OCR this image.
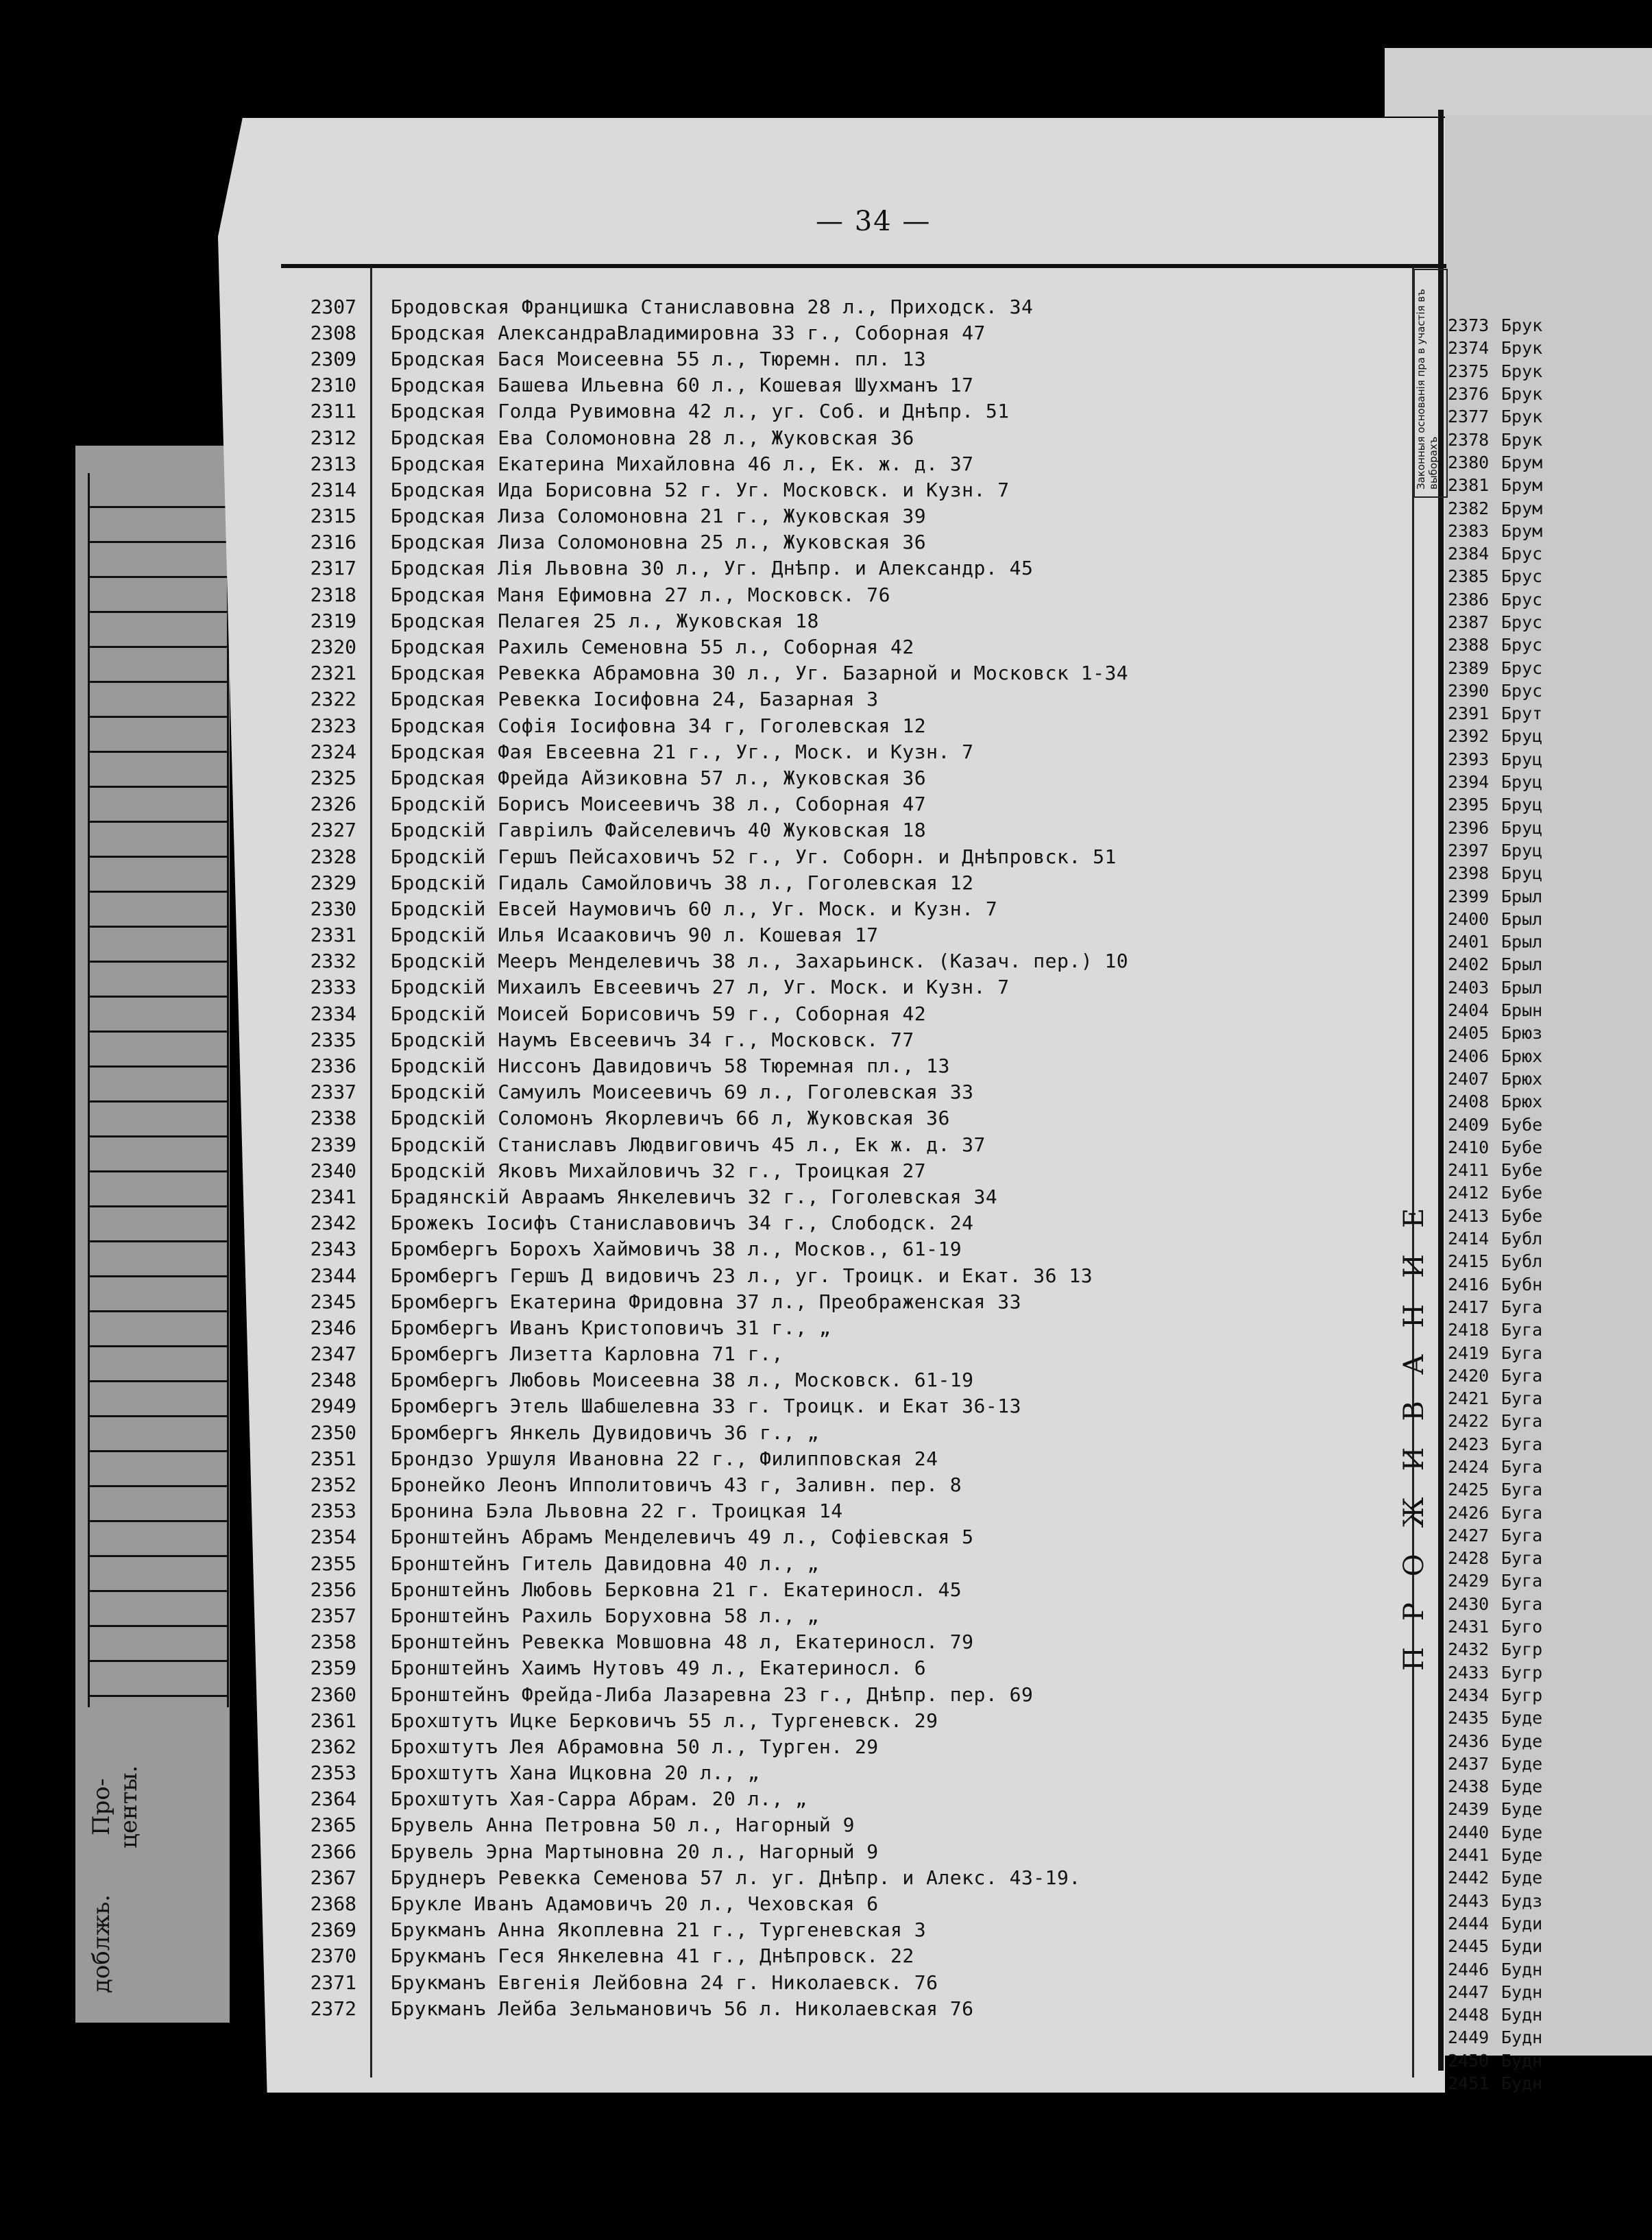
Про- центы.
доблжь.
— 34 —
Законныя основанія пра в участія въ выборахъ
ПРОЖИВАНИЕ
2307 Бродовская Францишка Станиславовна 28 л., Приходск. 34
2308 Бродская АлександраВладимировна 33 г., Соборная 47
2309 Бродская Бася Моисеевна 55 л., Тюремн. пл. 13
2310 Бродская Башева Ильевна 60 л., Кошевая Шухманъ 17
2311 Бродская Голда Рувимовна 42 л., уг. Соб. и Днѣпр. 51
2312 Бродская Ева Соломоновна 28 л., Жуковская 36
2313 Бродская Екатерина Михайловна 46 л., Ек. ж. д. 37
2314 Бродская Ида Борисовна 52 г. Уг. Московск. и Кузн. 7
2315 Бродская Лиза Соломоновна 21 г., Жуковская 39
2316 Бродская Лиза Соломоновна 25 л., Жуковская 36
2317 Бродская Лія Львовна 30 л., Уг. Днѣпр. и Александр. 45
2318 Бродская Маня Ефимовна 27 л., Московск. 76
2319 Бродская Пелагея 25 л., Жуковская 18
2320 Бродская Рахиль Семеновна 55 л., Соборная 42
2321 Бродская Ревекка Абрамовна 30 л., Уг. Базарной и Московск 1-34
2322 Бродская Ревекка Іосифовна 24, Базарная 3
2323 Бродская Софія Іосифовна 34 г, Гоголевская 12
2324 Бродская Фая Евсеевна 21 г., Уг., Моск. и Кузн. 7
2325 Бродская Фрейда Айзиковна 57 л., Жуковская 36
2326 Бродскій Борисъ Моисеевичъ 38 л., Соборная 47
2327 Бродскій Гавріилъ Файселевичъ 40 Жуковская 18
2328 Бродскій Гершъ Пейсаховичъ 52 г., Уг. Соборн. и Днѣпровск. 51
2329 Бродскій Гидаль Самойловичъ 38 л., Гоголевская 12
2330 Бродскій Евсей Наумовичъ 60 л., Уг. Моск. и Кузн. 7
2331 Бродскій Илья Исааковичъ 90 л. Кошевая 17
2332 Бродскій Мееръ Менделевичъ 38 л., Захарьинск. (Казач. пер.) 10
2333 Бродскій Михаилъ Евсеевичъ 27 л, Уг. Моск. и Кузн. 7
2334 Бродскій Моисей Борисовичъ 59 г., Соборная 42
2335 Бродскій Наумъ Евсеевичъ 34 г., Московск. 77
2336 Бродскій Ниссонъ Давидовичъ 58 Тюремная пл., 13
2337 Бродскій Самуилъ Моисеевичъ 69 л., Гоголевская 33
2338 Бродскій Соломонъ Якорлевичъ 66 л, Жуковская 36
2339 Бродскій Станиславъ Людвиговичъ 45 л., Ек ж. д. 37
2340 Бродскій Яковъ Михайловичъ 32 г., Троицкая 27
2341 Брадянскій Авраамъ Янкелевичъ 32 г., Гоголевская 34
2342 Брожекъ Іосифъ Станиславовичъ 34 г., Слободск. 24
2343 Бромбергъ Борохъ Хаймовичъ 38 л., Москов., 61-19
2344 Бромбергъ Гершъ Д видовичъ 23 л., уг. Троицк. и Екат. 36 13
2345 Бромбергъ Екатерина Фридовна 37 л., Преображенская 33
2346 Бромбергъ Иванъ Кристоповичъ 31 г., „
2347 Бромбергъ Лизетта Карловна 71 г.,
2348 Бромбергъ Любовь Моисеевна 38 л., Московск. 61-19
2949 Бромбергъ Этель Шабшелевна 33 г. Троицк. и Екат 36-13
2350 Бромбергъ Янкель Дувидовичъ 36 г., „
2351 Брондзо Уршуля Ивановна 22 г., Филипповская 24
2352 Бронейко Леонъ Ипполитовичъ 43 г, Заливн. пер. 8
2353 Бронина Бэла Львовна 22 г. Троицкая 14
2354 Бронштейнъ Абрамъ Менделевичъ 49 л., Софіевская 5
2355 Бронштейнъ Гитель Давидовна 40 л., „
2356 Бронштейнъ Любовь Берковна 21 г. Екатериносл. 45
2357 Бронштейнъ Рахиль Боруховна 58 л., „
2358 Бронштейнъ Ревекка Мовшовна 48 л, Екатериносл. 79
2359 Бронштейнъ Хаимъ Нутовъ 49 л., Екатериносл. 6
2360 Бронштейнъ Фрейда-Либа Лазаревна 23 г., Днѣпр. пер. 69
2361 Брохштутъ Ицке Берковичъ 55 л., Тургеневск. 29
2362 Брохштутъ Лея Абрамовна 50 л., Турген. 29
2353 Брохштутъ Хана Ицковна 20 л., „
2364 Брохштутъ Хая-Сарра Абрам. 20 л., „
2365 Брувель Анна Петровна 50 л., Нагорный 9
2366 Брувель Эрна Мартыновна 20 л., Нагорный 9
2367 Бруднеръ Ревекка Семенова 57 л. уг. Днѣпр. и Алекс. 43-19.
2368 Брукле Иванъ Адамовичъ 20 л., Чеховская 6
2369 Брукманъ Анна Якоплевна 21 г., Тургеневская 3
2370 Брукманъ Геся Янкелевна 41 г., Днѣпровск. 22
2371 Брукманъ Евгенія Лейбовна 24 г. Николаевск. 76
2372 Брукманъ Лейба Зельмановичъ 56 л. Николаевская 76
2373 Брук
2374 Брук
2375 Брук
2376 Брук
2377 Брук
2378 Брук
2380 Брум
2381 Брум
2382 Брум
2383 Брум
2384 Брус
2385 Брус
2386 Брус
2387 Брус
2388 Брус
2389 Брус
2390 Брус
2391 Брут
2392 Бруц
2393 Бруц
2394 Бруц
2395 Бруц
2396 Бруц
2397 Бруц
2398 Бруц
2399 Брыл
2400 Брыл
2401 Брыл
2402 Брыл
2403 Брыл
2404 Брын
2405 Брюз
2406 Брюх
2407 Брюх
2408 Брюх
2409 Бубе
2410 Бубе
2411 Бубе
2412 Бубе
2413 Бубе
2414 Бубл
2415 Бубл
2416 Бубн
2417 Буга
2418 Буга
2419 Буга
2420 Буга
2421 Буга
2422 Буга
2423 Буга
2424 Буга
2425 Буга
2426 Буга
2427 Буга
2428 Буга
2429 Буга
2430 Буга
2431 Буго
2432 Бугр
2433 Бугр
2434 Бугр
2435 Буде
2436 Буде
2437 Буде
2438 Буде
2439 Буде
2440 Буде
2441 Буде
2442 Буде
2443 Будз
2444 Буди
2445 Буди
2446 Будн
2447 Будн
2448 Будн
2449 Будн
2450 Будн
2451 Будн
